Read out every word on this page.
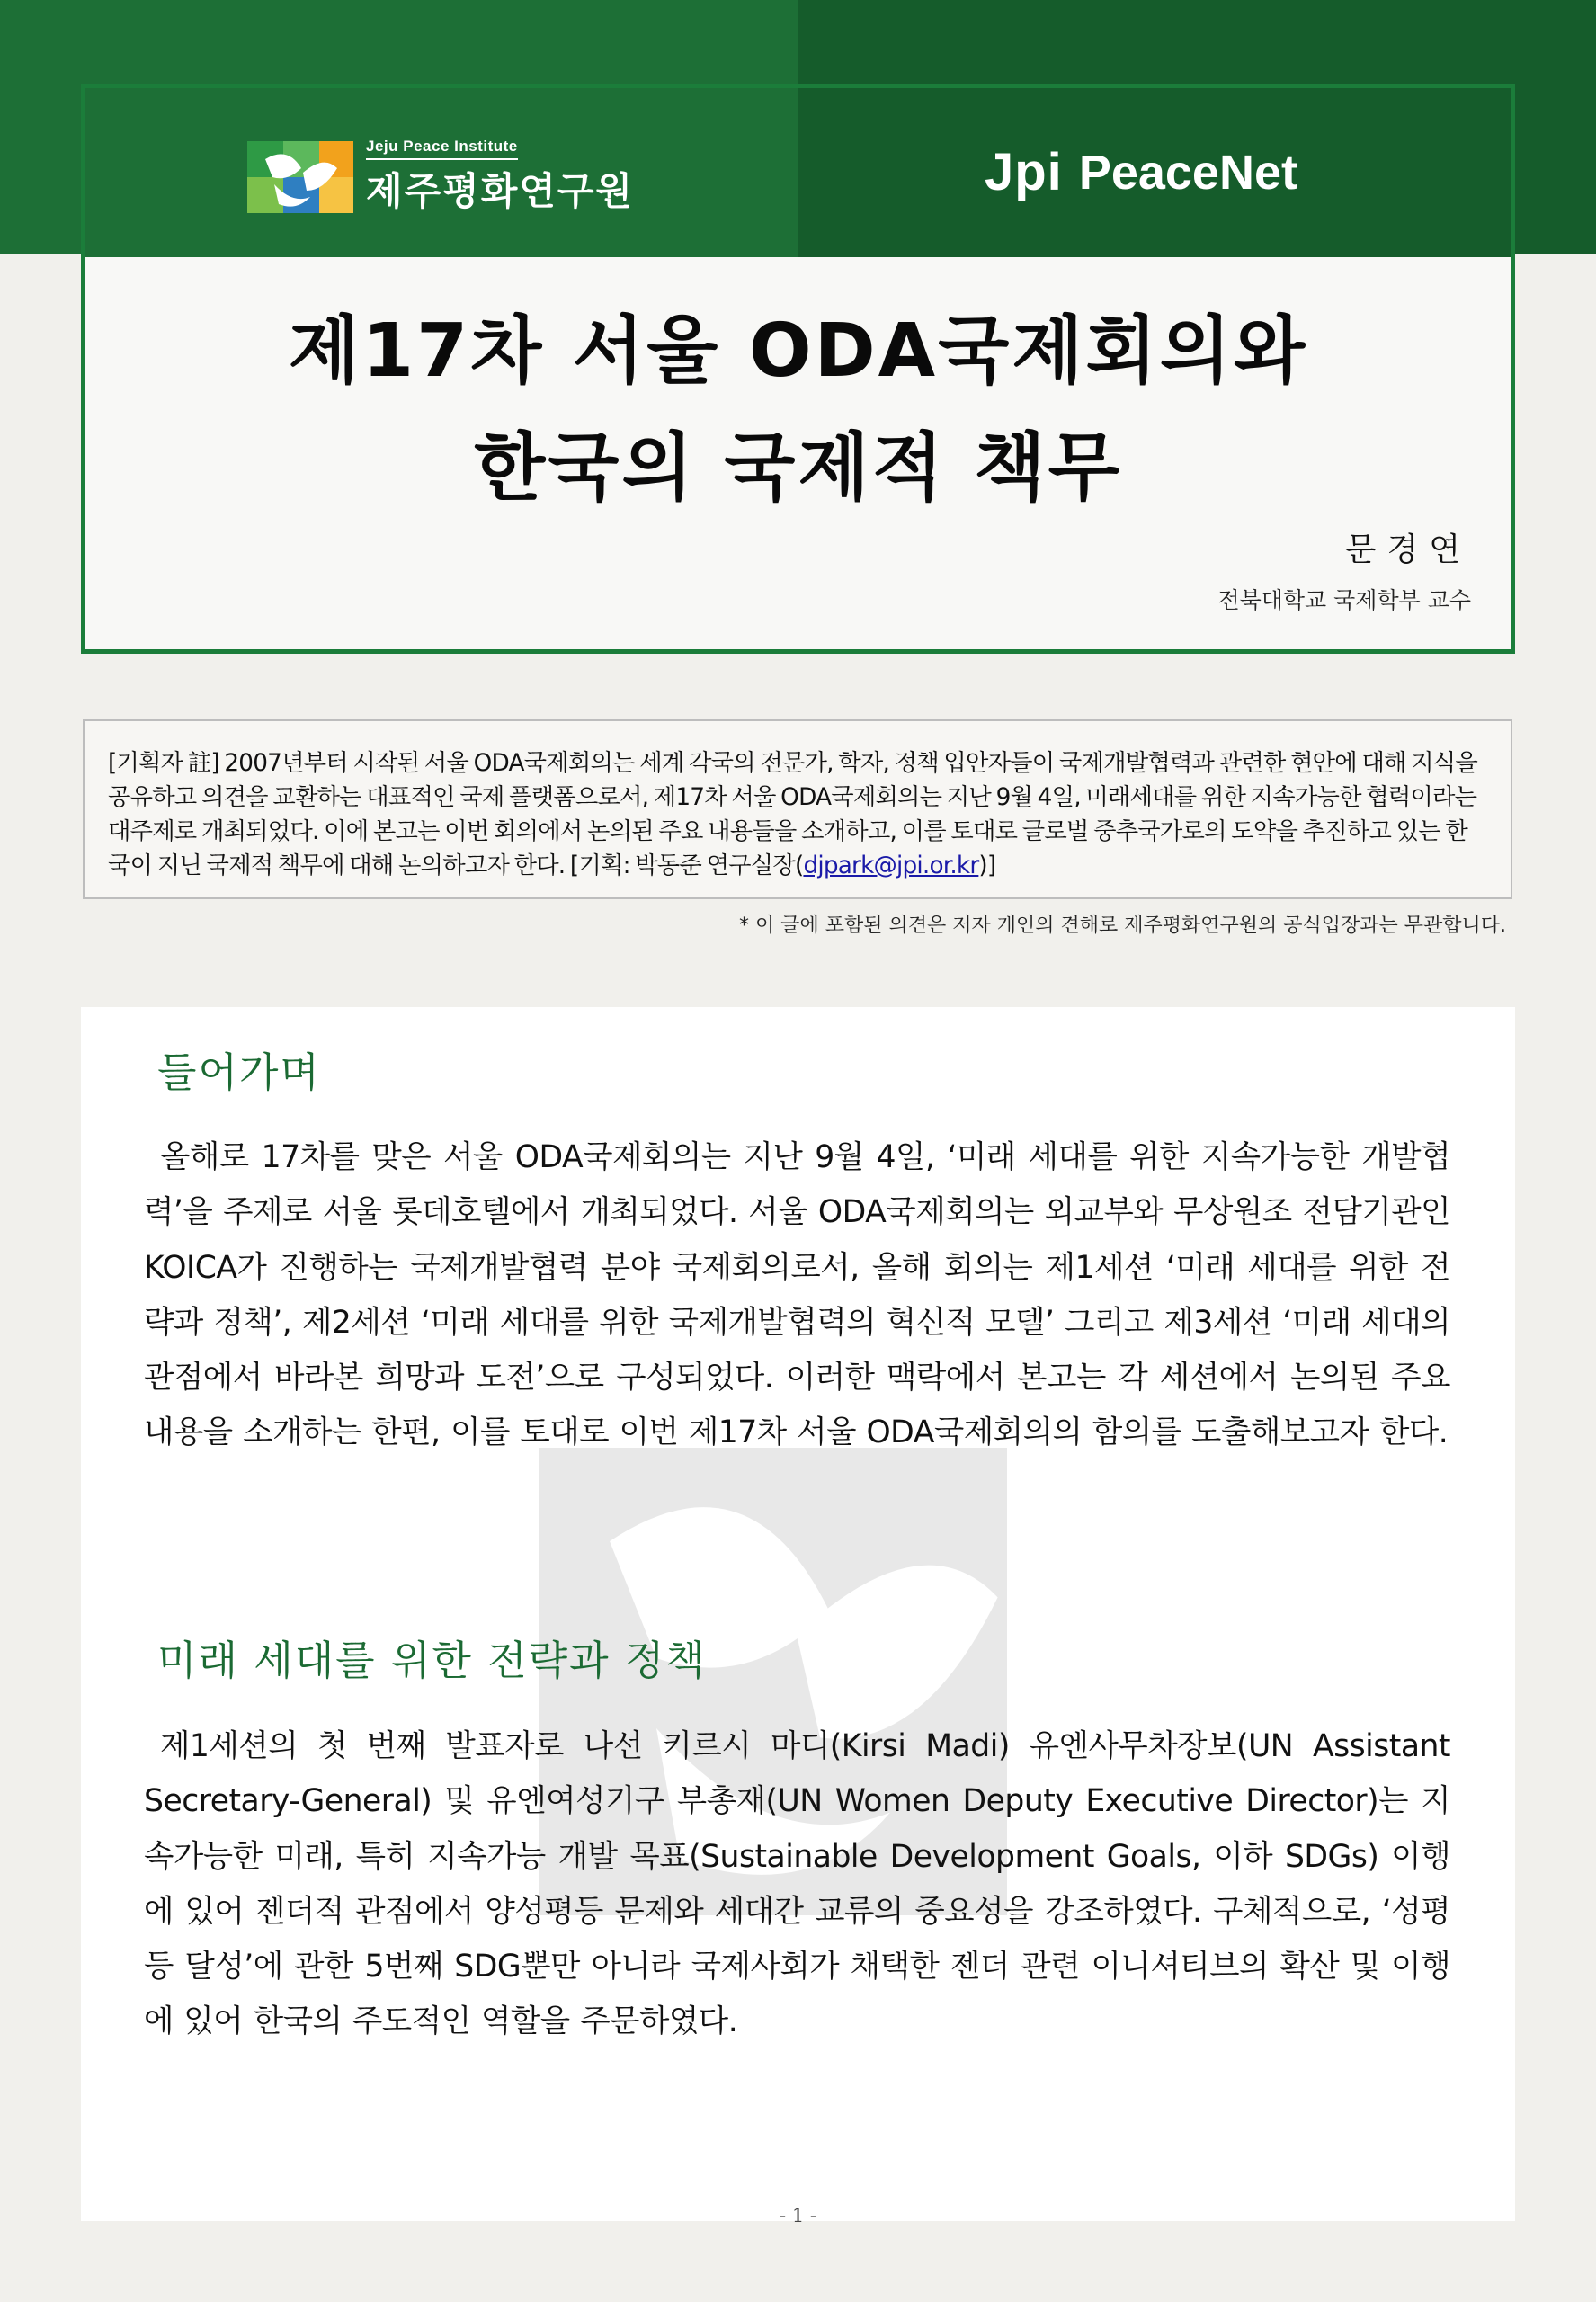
Jeju Peace Institute
제주평화연구원	Jpi PeaceNet
제17차 서울 ODA국제회의와
한국의 국제적 책무
문경연
전북대학교 국제학부 교수
[기획자 註] 2007년부터 시작된 서울 ODA국제회의는 세계 각국의 전문가, 학자, 정책 입안자들이 국제개발협력과 관련한 현안에 대해 지식을 공유하고 의견을 교환하는 대표적인 국제 플랫폼으로서, 제17차 서울 ODA국제회의는 지난 9월 4일, 미래세대를 위한 지속가능한 협력이라는 대주제로 개최되었다. 이에 본고는 이번 회의에서 논의된 주요 내용들을 소개하고, 이를 토대로 글로벌 중추국가로의 도약을 추진하고 있는 한국이 지닌 국제적 책무에 대해 논의하고자 한다. [기획: 박동준 연구실장(djpark@jpi.or.kr)]
* 이 글에 포함된 의견은 저자 개인의 견해로 제주평화연구원의 공식입장과는 무관합니다.
들어가며

올해로 17차를 맞은 서울 ODA국제회의는 지난 9월 4일, ‘미래 세대를 위한 지속가능한 개발협력’을 주제로 서울 롯데호텔에서 개최되었다. 서울 ODA국제회의는 외교부와 무상원조 전담기관인 KOICA가 진행하는 국제개발협력 분야 국제회의로서, 올해 회의는 제1세션 ‘미래 세대를 위한 전략과 정책’, 제2세션 ‘미래 세대를 위한 국제개발협력의 혁신적 모델’ 그리고 제3세션 ‘미래 세대의 관점에서 바라본 희망과 도전’으로 구성되었다. 이러한 맥락에서 본고는 각 세션에서 논의된 주요 내용을 소개하는 한편, 이를 토대로 이번 제17차 서울 ODA국제회의의 함의를 도출해보고자 한다.

미래 세대를 위한 전략과 정책

제1세션의 첫 번째 발표자로 나선 키르시 마디(Kirsi Madi) 유엔사무차장보(UN Assistant Secretary-General) 및 유엔여성기구 부총재(UN Women Deputy Executive Director)는 지속가능한 미래, 특히 지속가능 개발 목표(Sustainable Development Goals, 이하 SDGs) 이행에 있어 젠더적 관점에서 양성평등 문제와 세대간 교류의 중요성을 강조하였다. 구체적으로, ‘성평등 달성’에 관한 5번째 SDG뿐만 아니라 국제사회가 채택한 젠더 관련 이니셔티브의 확산 및 이행에 있어 한국의 주도적인 역할을 주문하였다.

- 1 -
